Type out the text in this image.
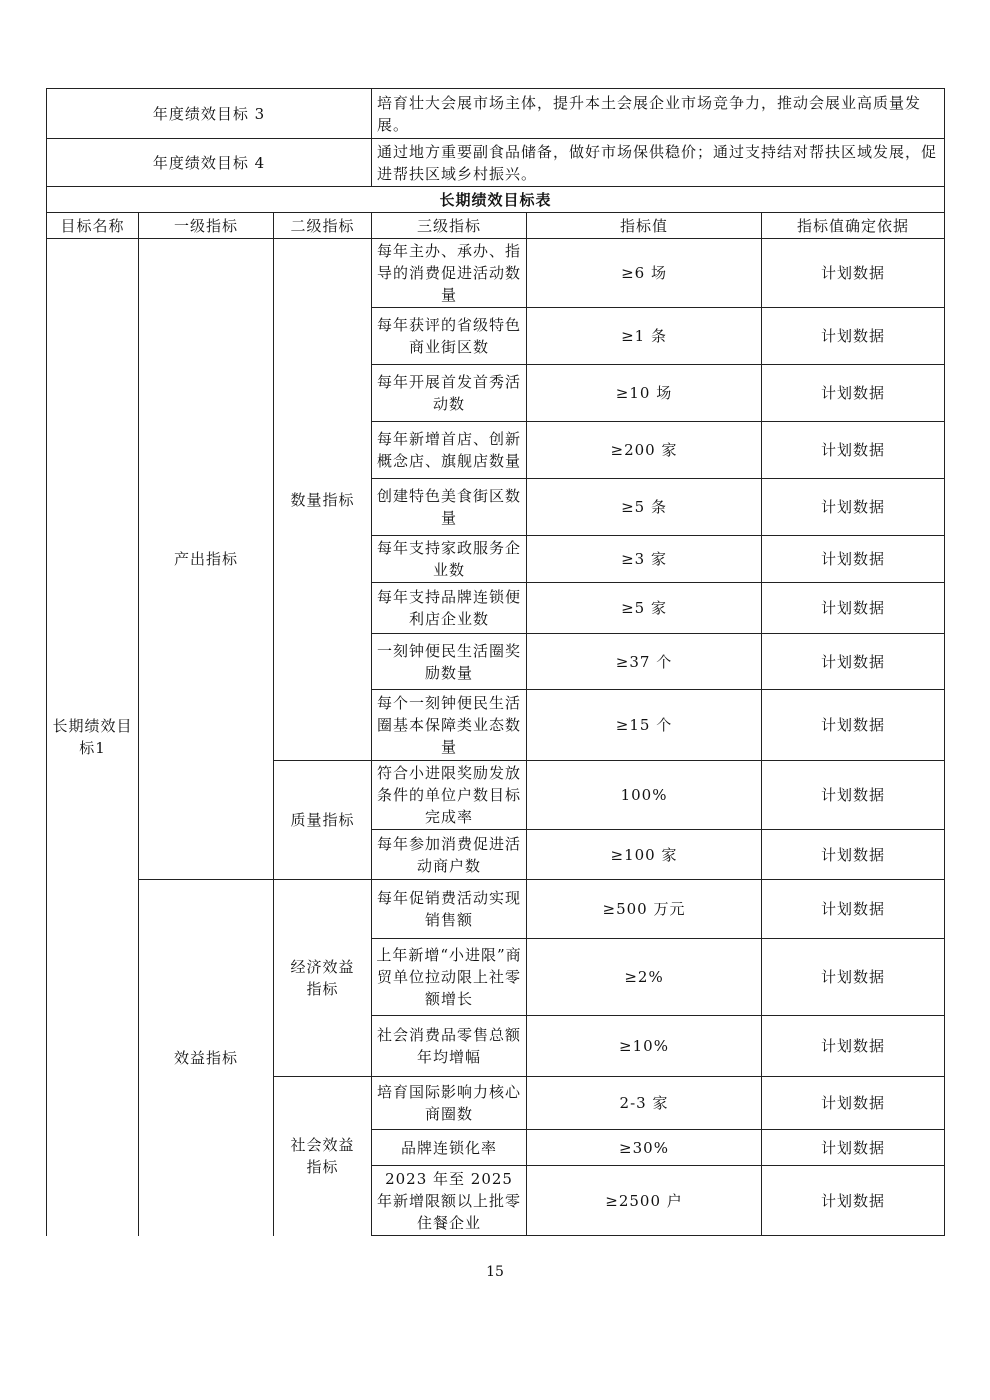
年度绩效目标 3			培育壮大会展市场主体，提升本土会展企业市场竞争力，推动会展业高质量发展。		
年度绩效目标 4			通过地方重要副食品储备，做好市场保供稳价；通过支持结对帮扶区域发展，促进帮扶区域乡村振兴。		
长期绩效目标表					
目标名称	一级指标	二级指标	三级指标	指标值	指标值确定依据
长期绩效目标1	产出指标	数量指标	每年主办、承办、指导的消费促进活动数量	≥6 场	计划数据
			每年获评的省级特色商业街区数	≥1 条	计划数据
			每年开展首发首秀活动数	≥10 场	计划数据
			每年新增首店、创新概念店、旗舰店数量	≥200 家	计划数据
			创建特色美食街区数量	≥5 条	计划数据
			每年支持家政服务企业数	≥3 家	计划数据
			每年支持品牌连锁便利店企业数	≥5 家	计划数据
			一刻钟便民生活圈奖励数量	≥37 个	计划数据
			每个一刻钟便民生活圈基本保障类业态数量	≥15 个	计划数据
		质量指标	符合小进限奖励发放条件的单位户数目标完成率	100%	计划数据
			每年参加消费促进活动商户数	≥100 家	计划数据
	效益指标	经济效益指标	每年促销费活动实现销售额	≥500 万元	计划数据
			上年新增“小进限”商贸单位拉动限上社零额增长	≥2%	计划数据
			社会消费品零售总额年均增幅	≥10%	计划数据
		社会效益指标	培育国际影响力核心商圈数	2-3 家	计划数据
			品牌连锁化率	≥30%	计划数据
			2023 年至 2025 年新增限额以上批零住餐企业	≥2500 户	计划数据
15
